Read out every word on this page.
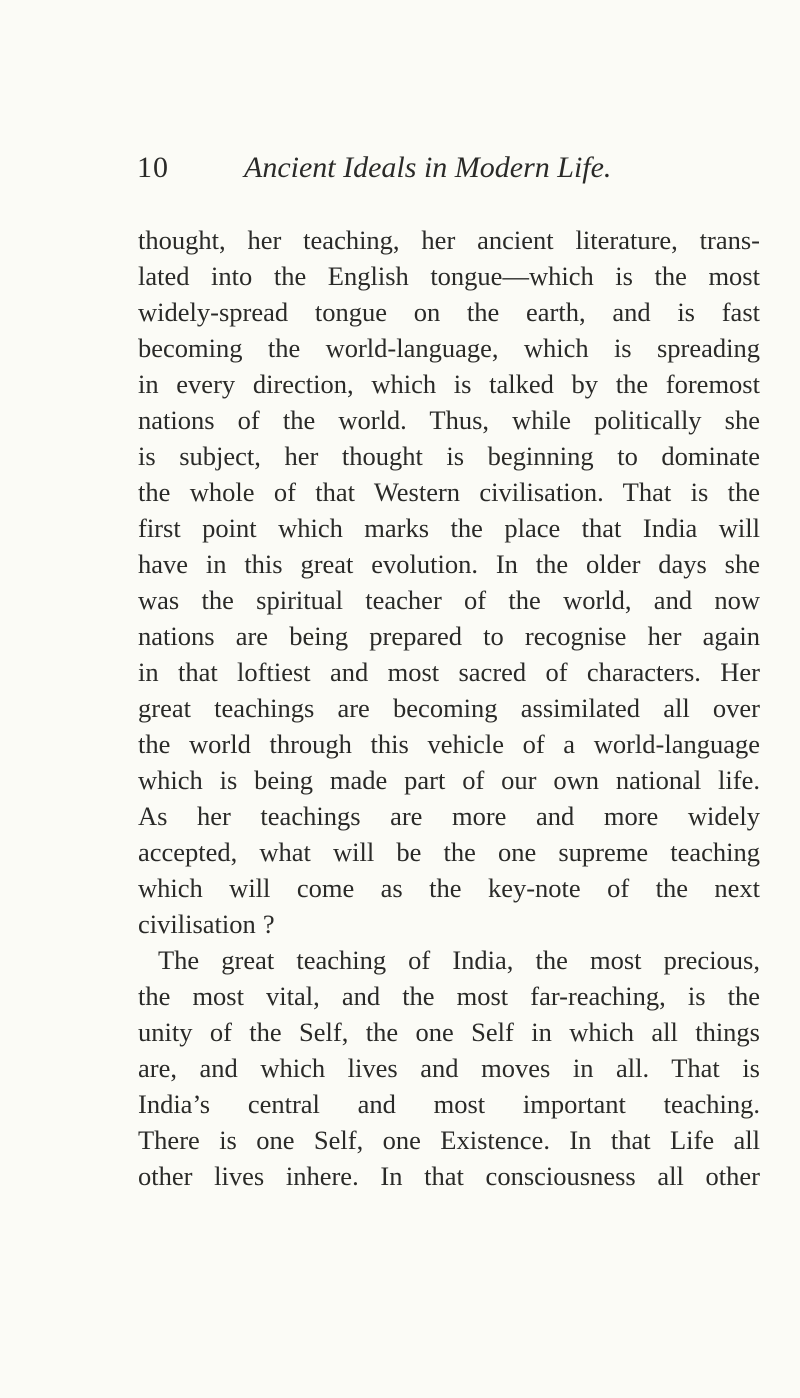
10	Ancient Ideals in Modern Life.
thought, her teaching, her ancient literature, trans-
lated into the English tongue—which is the most
widely-spread tongue on the earth, and is fast
becoming the world-language, which is spreading
in every direction, which is talked by the foremost
nations of the world. Thus, while politically she
is subject, her thought is beginning to dominate
the whole of that Western civilisation. That is the
first point which marks the place that India will
have in this great evolution. In the older days she
was the spiritual teacher of the world, and now
nations are being prepared to recognise her again
in that loftiest and most sacred of characters. Her
great teachings are becoming assimilated all over
the world through this vehicle of a world-language
which is being made part of our own national life.
As her teachings are more and more widely
accepted, what will be the one supreme teaching
which will come as the key-note of the next
civilisation ?
The great teaching of India, the most precious,
the most vital, and the most far-reaching, is the
unity of the Self, the one Self in which all things
are, and which lives and moves in all. That is
India’s central and most important teaching.
There is one Self, one Existence. In that Life all
other lives inhere. In that consciousness all other
